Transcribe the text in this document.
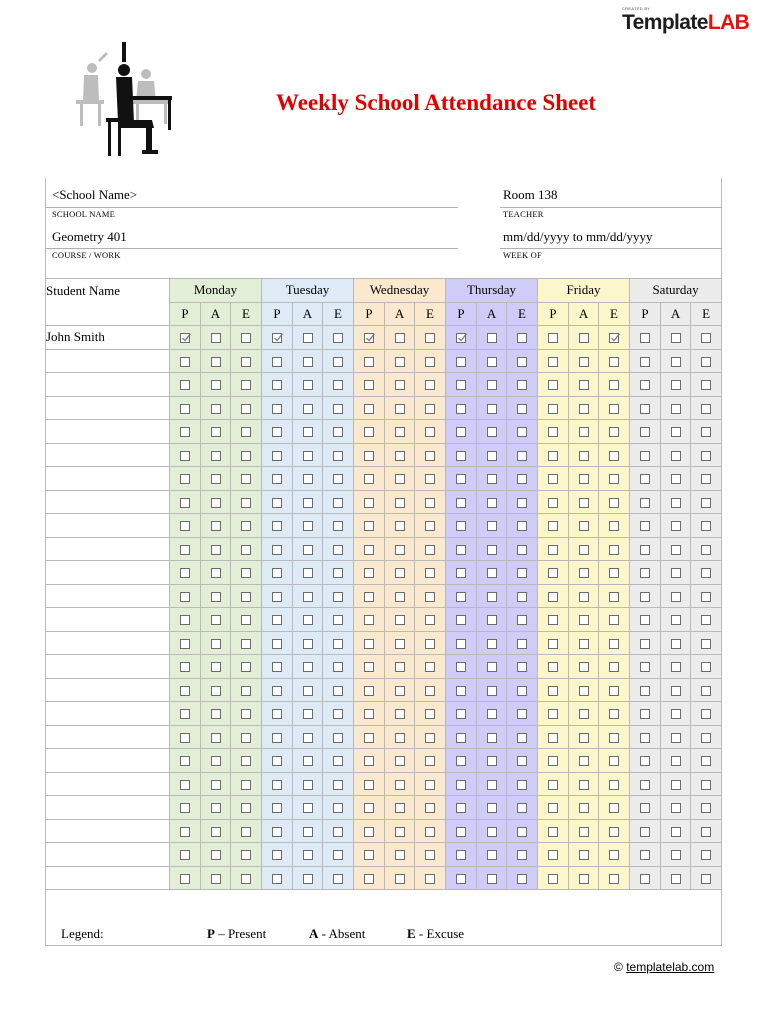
CREATED BY
TemplateLAB
Weekly School Attendance Sheet
<School Name>
SCHOOL NAME
Room 138
TEACHER
Geometry 401
COURSE / WORK
mm/dd/yyyy to mm/dd/yyyy
WEEK OF
Student Name	Monday			Tuesday			Wednesday			Thursday			Friday			Saturday		
	P	A	E	P	A	E	P	A	E	P	A	E	P	A	E	P	A	E
John Smith	

Legend:	P – Present	A - Absent	E - Excuse
© templatelab.com
